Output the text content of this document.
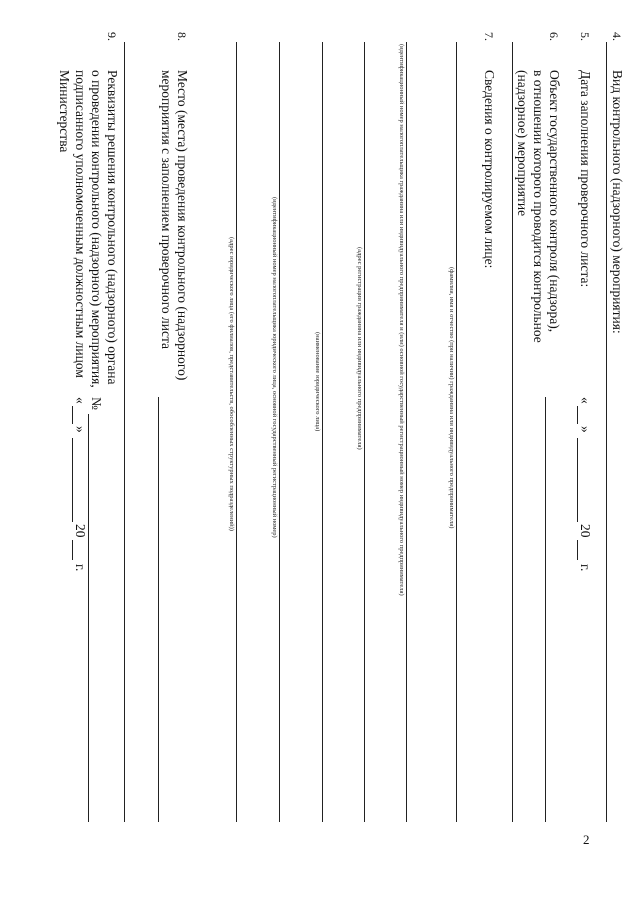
2
4.
Вид контрольного (надзорного) мероприятия:
5.
Дата заполнения проверочного листа:
«
»
20
г.
6.
Объект государственного контроля (надзора),
в отношении которого проводится контрольное
(надзорное) мероприятие
7.
Сведения о контролируемом лице:
(фамилия, имя и отчество (при наличии) гражданина или индивидуального предпринимателя)
(идентификационный номер налогоплательщика гражданина или индивидуального предпринимателя и (или) основной государственный регистрационный номер индивидуального предпринимателя)
(адрес регистрации гражданина или индивидуального предпринимателя)
(наименование юридического лица)
(идентификационный номер налогоплательщика юридического лица, основной государственный регистрационный номер)
(адрес юридического лица (его филиалов, представительств, обособленных структурных подразделений))
8.
Место (места) проведения контрольного (надзорного)
мероприятия с заполнением проверочного листа
9.
Реквизиты решения контрольного (надзорного) органа
о проведении контрольного (надзорного) мероприятия,
подписанного уполномоченным должностным лицом
Министерства
№
«
»
20
г.
